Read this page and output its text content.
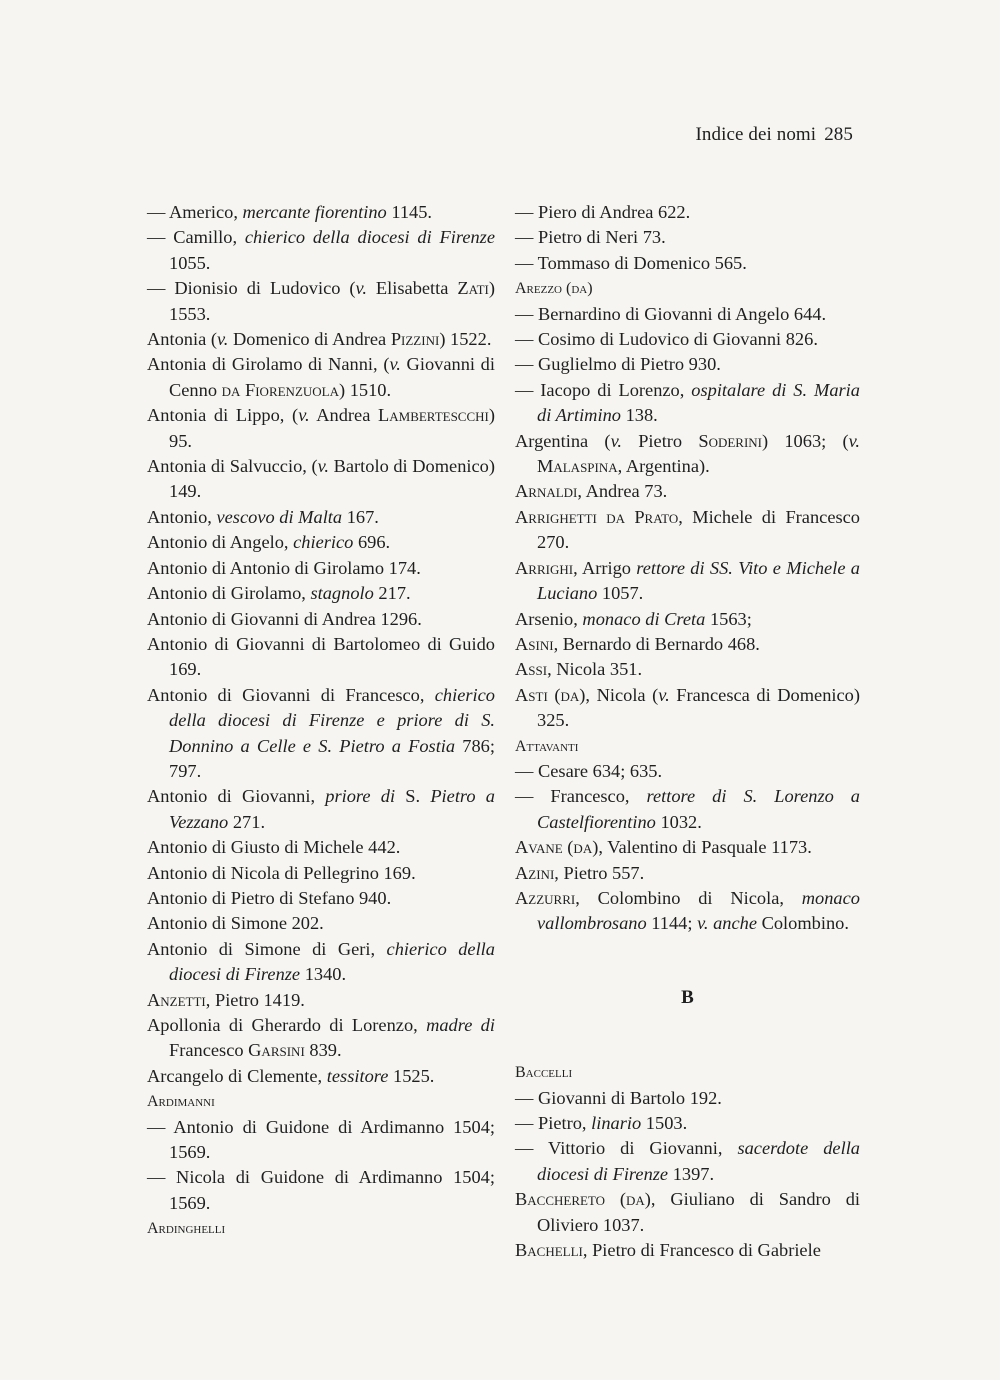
Indice dei nomi 285
— Americo, mercante fiorentino 1145.
— Camillo, chierico della diocesi di Firenze 1055.
— Dionisio di Ludovico (v. Elisabetta Zati) 1553.
Antonia (v. Domenico di Andrea Pizzini) 1522.
Antonia di Girolamo di Nanni, (v. Giovanni di Cenno da Fiorenzuola) 1510.
Antonia di Lippo, (v. Andrea Lambertescchi) 95.
Antonia di Salvuccio, (v. Bartolo di Domenico) 149.
Antonio, vescovo di Malta 167.
Antonio di Angelo, chierico 696.
Antonio di Antonio di Girolamo 174.
Antonio di Girolamo, stagnolo 217.
Antonio di Giovanni di Andrea 1296.
Antonio di Giovanni di Bartolomeo di Guido 169.
Antonio di Giovanni di Francesco, chierico della diocesi di Firenze e priore di S. Donnino a Celle e S. Pietro a Fostia 786; 797.
Antonio di Giovanni, priore di S. Pietro a Vezzano 271.
Antonio di Giusto di Michele 442.
Antonio di Nicola di Pellegrino 169.
Antonio di Pietro di Stefano 940.
Antonio di Simone 202.
Antonio di Simone di Geri, chierico della diocesi di Firenze 1340.
Anzetti, Pietro 1419.
Apollonia di Gherardo di Lorenzo, madre di Francesco Garsini 839.
Arcangelo di Clemente, tessitore 1525.
Ardimanni
— Antonio di Guidone di Ardimanno 1504; 1569.
— Nicola di Guidone di Ardimanno 1504; 1569.
Ardinghelli
— Piero di Andrea 622.
— Pietro di Neri 73.
— Tommaso di Domenico 565.
Arezzo (da)
— Bernardino di Giovanni di Angelo 644.
— Cosimo di Ludovico di Giovanni 826.
— Guglielmo di Pietro 930.
— Iacopo di Lorenzo, ospitalare di S. Maria di Artimino 138.
Argentina (v. Pietro Soderini) 1063; (v. Malaspina, Argentina).
Arnaldi, Andrea 73.
Arrighetti da Prato, Michele di Francesco 270.
Arrighi, Arrigo rettore di SS. Vito e Michele a Luciano 1057.
Arsenio, monaco di Creta 1563;
Asini, Bernardo di Bernardo 468.
Assi, Nicola 351.
Asti (da), Nicola (v. Francesca di Domenico) 325.
Attavanti
— Cesare 634; 635.
— Francesco, rettore di S. Lorenzo a Castelfiorentino 1032.
Avane (da), Valentino di Pasquale 1173.
Azini, Pietro 557.
Azzurri, Colombino di Nicola, monaco vallombrosano 1144; v. anche Colombino.
B
Baccelli
— Giovanni di Bartolo 192.
— Pietro, linario 1503.
— Vittorio di Giovanni, sacerdote della diocesi di Firenze 1397.
Bacchereto (da), Giuliano di Sandro di Oliviero 1037.
Bachelli, Pietro di Francesco di Gabriele
